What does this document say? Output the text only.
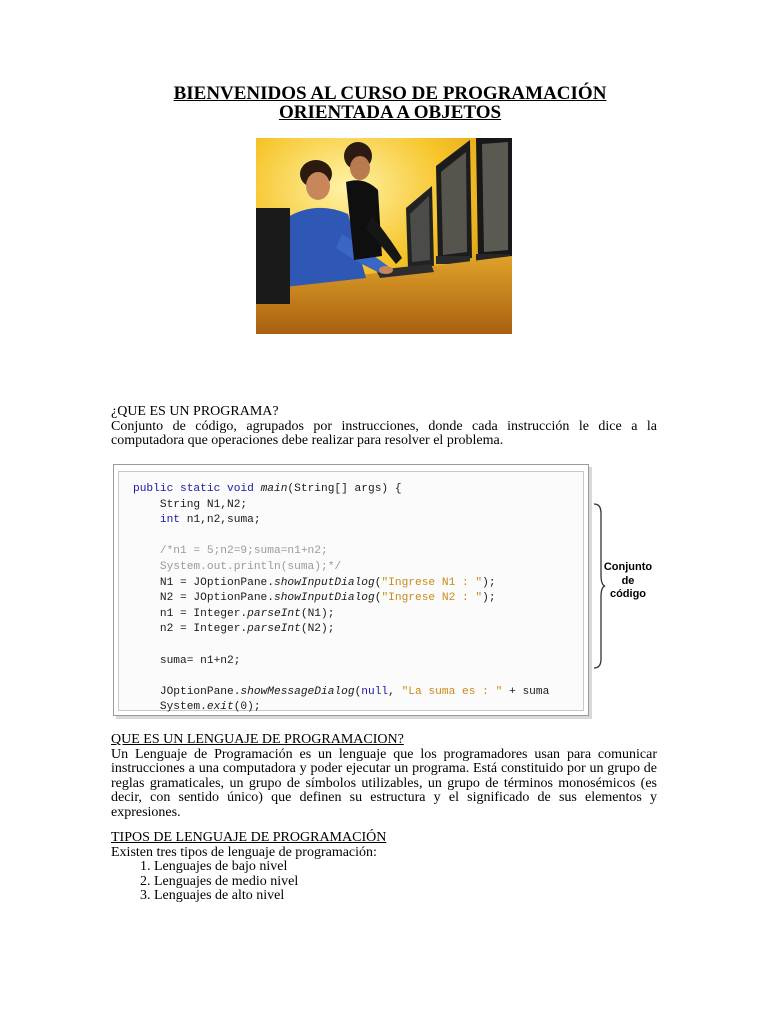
BIENVENIDOS AL CURSO DE PROGRAMACIÓN
ORIENTADA A OBJETOS
¿QUE ES UN PROGRAMA?
Conjunto de código, agrupados por instrucciones, donde cada instrucción le dice a la computadora que operaciones debe realizar para resolver el problema.
public static void main(String[] args) {
String N1,N2;
int n1,n2,suma;
/*n1 = 5;n2=9;suma=n1+n2;
System.out.println(suma);*/
N1 = JOptionPane.showInputDialog("Ingrese N1 : ");
N2 = JOptionPane.showInputDialog("Ingrese N2 : ");
n1 = Integer.parseInt(N1);
n2 = Integer.parseInt(N2);
suma= n1+n2;
JOptionPane.showMessageDialog(null, "La suma es : " + suma
System.exit(0);
Conjunto
de
código
QUE ES UN LENGUAJE DE PROGRAMACION?
Un Lenguaje de Programación es un lenguaje que los programadores usan para comunicar instrucciones a una computadora y poder ejecutar un programa. Está constituido por un grupo de reglas gramaticales, un grupo de símbolos utilizables, un grupo de términos monosémicos (es decir, con sentido único) que definen su estructura y el significado de sus elementos y expresiones.
TIPOS DE LENGUAJE DE PROGRAMACIÓN
Existen tres tipos de lenguaje de programación:
1. Lenguajes de bajo nivel
2. Lenguajes de medio nivel
3. Lenguajes de alto nivel
